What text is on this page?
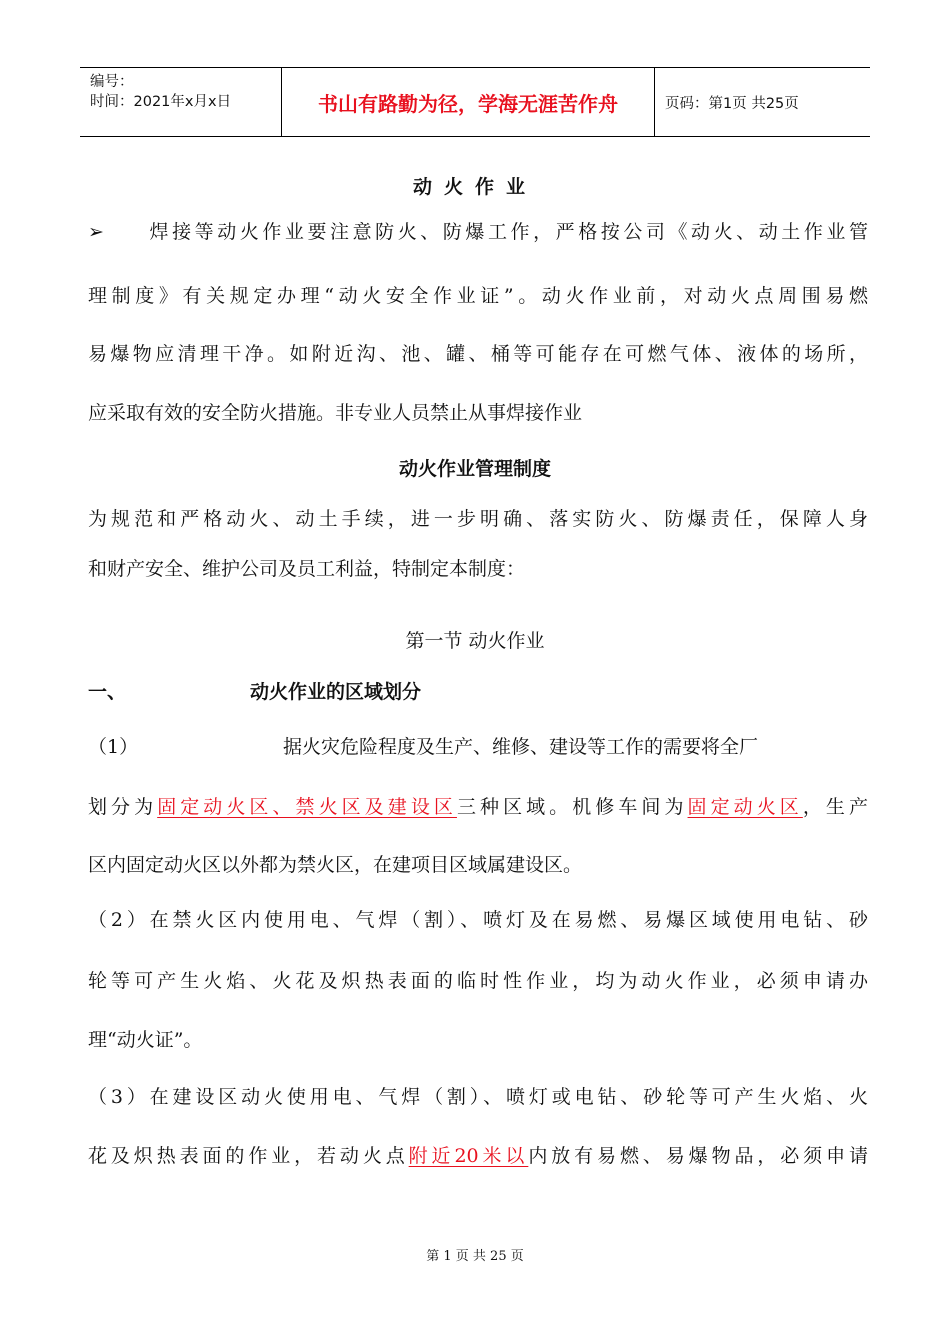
编号：
时间：2021年x月x日	书山有路勤为径，学海无涯苦作舟	页码：第1页 共25页
动火作业
➢ 焊接等动火作业要注意防火、防爆工作，严格按公司《动火、动土作业管
理制度》有关规定办理“动火安全作业证”。动火作业前，对动火点周围易燃
易爆物应清理干净。如附近沟、池、罐、桶等可能存在可燃气体、液体的场所，
应采取有效的安全防火措施。非专业人员禁止从事焊接作业
动火作业管理制度
为规范和严格动火、动土手续，进一步明确、落实防火、防爆责任，保障人身
和财产安全、维护公司及员工利益，特制定本制度：
第一节 动火作业
一、	动火作业的区域划分
（1）	据火灾危险程度及生产、维修、建设等工作的需要将全厂
划分为固定动火区、禁火区及建设区三种区域。机修车间为固定动火区，生产
区内固定动火区以外都为禁火区，在建项目区域属建设区。
（2）在禁火区内使用电、气焊（割）、喷灯及在易燃、易爆区域使用电钻、砂
轮等可产生火焰、火花及炽热表面的临时性作业，均为动火作业，必须申请办
理“动火证”。
（3）在建设区动火使用电、气焊（割）、喷灯或电钻、砂轮等可产生火焰、火
花及炽热表面的作业，若动火点附近20米以内放有易燃、易爆物品，必须申请
第 1 页 共 25 页
